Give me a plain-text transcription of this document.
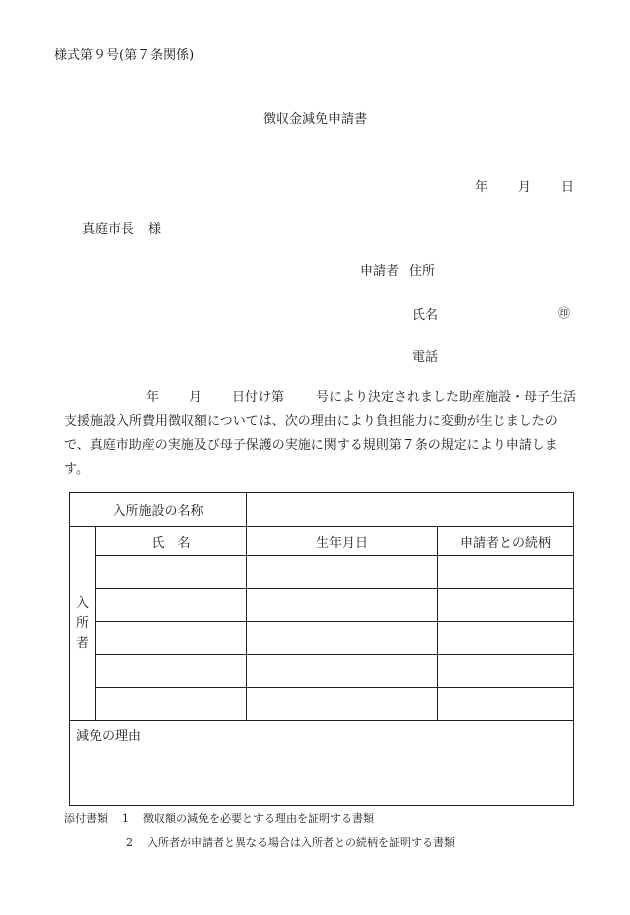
様式第９号(第７条関係)
徴収金減免申請書
年 月 日
真庭市長 様
申請者 住所
氏名	㊞
電話
年 月 日付け第 号により決定されました助産施設・母子生活
支援施設入所費用徴収額については、次の理由により負担能力に変動が生じましたの
で、真庭市助産の実施及び母子保護の実施に関する規則第７条の規定により申請しま
す。
入所施設の名称			
入
所
者	氏　名	生年月日	申請者との続柄

減免の理由			
添付書類 1 徴収額の減免を必要とする理由を証明する書類
2 入所者が申請者と異なる場合は入所者との続柄を証明する書類
